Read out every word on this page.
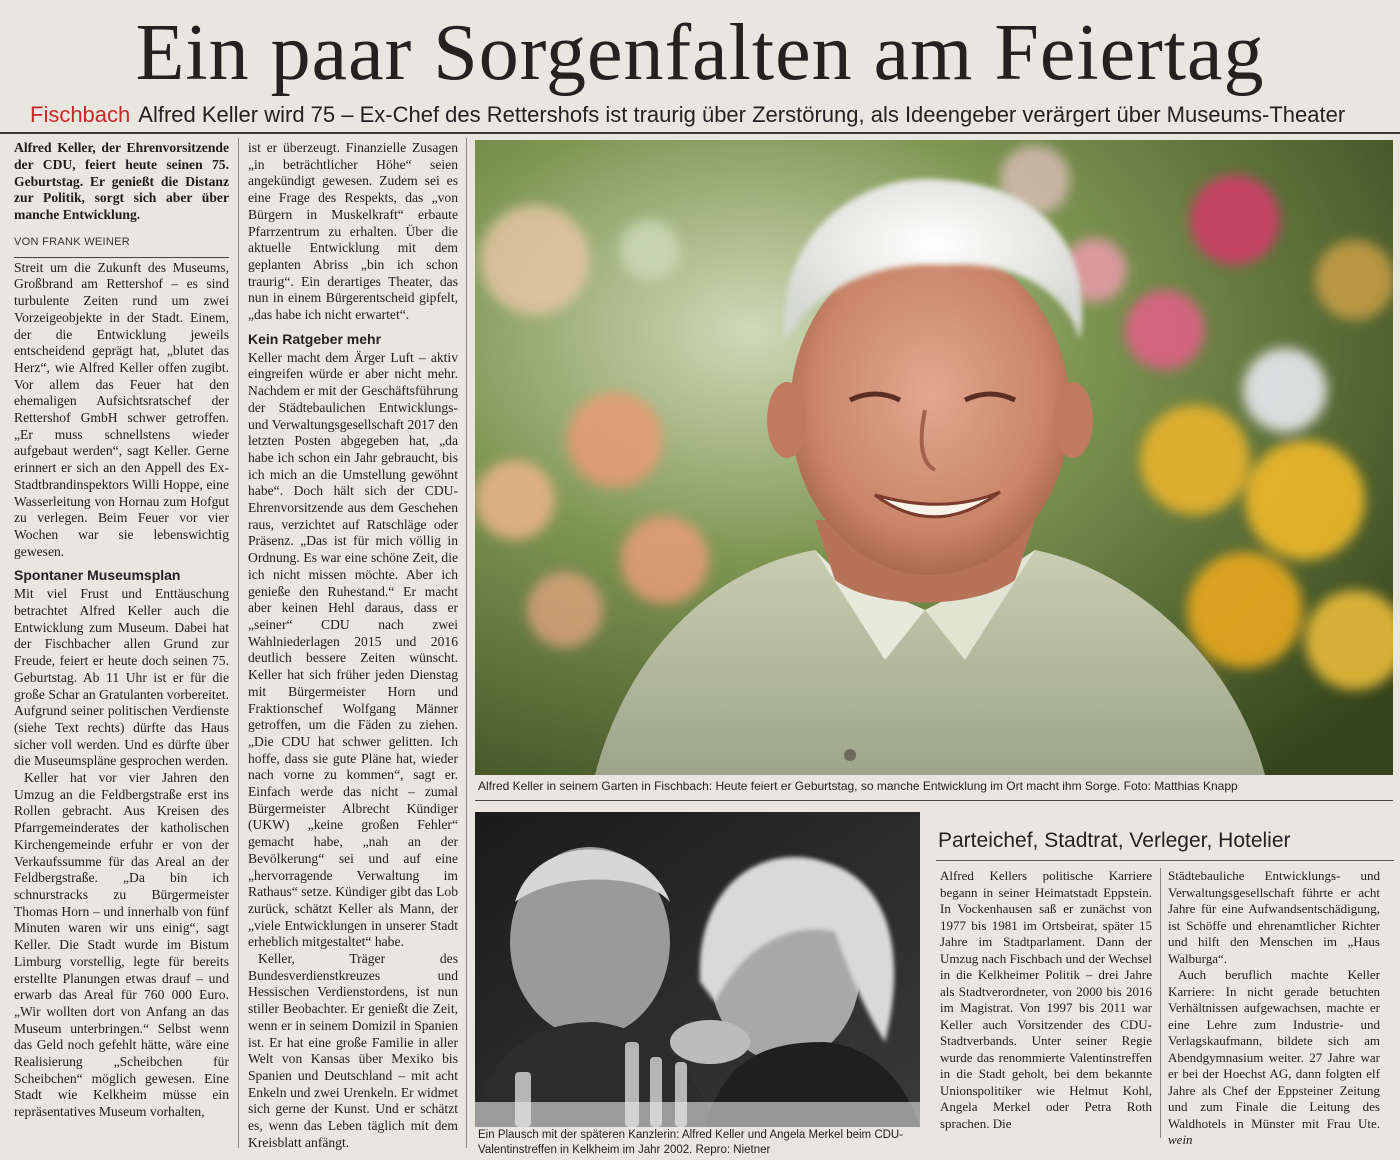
Ein paar Sorgenfalten am Feiertag
Fischbach Alfred Keller wird 75 – Ex-Chef des Rettershofs ist traurig über Zerstörung, als Ideengeber verärgert über Museums-Theater

Alfred Keller, der Ehrenvorsitzende der CDU, feiert heute seinen 75. Geburtstag. Er genießt die Distanz zur Politik, sorgt sich aber über manche Entwicklung.

VON FRANK WEINER

Streit um die Zukunft des Museums, Großbrand am Rettershof – es sind turbulente Zeiten rund um zwei Vorzeigeobjekte in der Stadt. Einem, der die Entwicklung jeweils entscheidend geprägt hat, „blutet das Herz“, wie Alfred Keller offen zugibt. Vor allem das Feuer hat den ehemaligen Aufsichtsratschef der Rettershof GmbH schwer getroffen. „Er muss schnellstens wieder aufgebaut werden“, sagt Keller. Gerne erinnert er sich an den Appell des Ex-Stadtbrandinspektors Willi Hoppe, eine Wasserleitung von Hornau zum Hofgut zu verlegen. Beim Feuer vor vier Wochen war sie lebenswichtig gewesen.

Spontaner Museumsplan

Mit viel Frust und Enttäuschung betrachtet Alfred Keller auch die Entwicklung zum Museum. Dabei hat der Fischbacher allen Grund zur Freude, feiert er heute doch seinen 75. Geburtstag. Ab 11 Uhr ist er für die große Schar an Gratulanten vorbereitet. Aufgrund seiner politischen Verdienste (siehe Text rechts) dürfte das Haus sicher voll werden. Und es dürfte über die Museumspläne gesprochen werden.

Keller hat vor vier Jahren den Umzug an die Feldbergstraße erst ins Rollen gebracht. Aus Kreisen des Pfarrgemeinderates der katholischen Kirchengemeinde erfuhr er von der Verkaufssumme für das Areal an der Feldbergstraße. „Da bin ich schnurstracks zu Bürgermeister Thomas Horn – und innerhalb von fünf Minuten waren wir uns einig“, sagt Keller. Die Stadt wurde im Bistum Limburg vorstellig, legte für bereits erstellte Planungen etwas drauf – und erwarb das Areal für 760 000 Euro. „Wir wollten dort von Anfang an das Museum unterbringen.“ Selbst wenn das Geld noch gefehlt hätte, wäre eine Realisierung „Scheibchen für Scheibchen“ möglich gewesen. Eine Stadt wie Kelkheim müsse ein repräsentatives Museum vorhalten,

ist er überzeugt. Finanzielle Zusagen „in beträchtlicher Höhe“ seien angekündigt gewesen. Zudem sei es eine Frage des Respekts, das „von Bürgern in Muskelkraft“ erbaute Pfarrzentrum zu erhalten. Über die aktuelle Entwicklung mit dem geplanten Abriss „bin ich schon traurig“. Ein derartiges Theater, das nun in einem Bürgerentscheid gipfelt, „das habe ich nicht erwartet“.

Kein Ratgeber mehr

Keller macht dem Ärger Luft – aktiv eingreifen würde er aber nicht mehr. Nachdem er mit der Geschäftsführung der Städtebaulichen Entwicklungs- und Verwaltungsgesellschaft 2017 den letzten Posten abgegeben hat, „da habe ich schon ein Jahr gebraucht, bis ich mich an die Umstellung gewöhnt habe“. Doch hält sich der CDU-Ehrenvorsitzende aus dem Geschehen raus, verzichtet auf Ratschläge oder Präsenz. „Das ist für mich völlig in Ordnung. Es war eine schöne Zeit, die ich nicht missen möchte. Aber ich genieße den Ruhestand.“ Er macht aber keinen Hehl daraus, dass er „seiner“ CDU nach zwei Wahlniederlagen 2015 und 2016 deutlich bessere Zeiten wünscht. Keller hat sich früher jeden Dienstag mit Bürgermeister Horn und Fraktionschef Wolfgang Männer getroffen, um die Fäden zu ziehen. „Die CDU hat schwer gelitten. Ich hoffe, dass sie gute Pläne hat, wieder nach vorne zu kommen“, sagt er. Einfach werde das nicht – zumal Bürgermeister Albrecht Kündiger (UKW) „keine großen Fehler“ gemacht habe, „nah an der Bevölkerung“ sei und auf eine „hervorragende Verwaltung im Rathaus“ setze. Kündiger gibt das Lob zurück, schätzt Keller als Mann, der „viele Entwicklungen in unserer Stadt erheblich mitgestaltet“ habe.

Keller, Träger des Bundesverdienstkreuzes und Hessischen Verdienstordens, ist nun stiller Beobachter. Er genießt die Zeit, wenn er in seinem Domizil in Spanien ist. Er hat eine große Familie in aller Welt von Kansas über Mexiko bis Spanien und Deutschland – mit acht Enkeln und zwei Urenkeln. Er widmet sich gerne der Kunst. Und er schätzt es, wenn das Leben täglich mit dem Kreisblatt anfängt.

Alfred Keller in seinem Garten in Fischbach: Heute feiert er Geburtstag, so manche Entwicklung im Ort macht ihm Sorge. Foto: Matthias Knapp
Ein Plausch mit der späteren Kanzlerin: Alfred Keller und Angela Merkel beim CDU-Valentinstreffen in Kelkheim im Jahr 2002. Repro: Nietner
Parteichef, Stadtrat, Verleger, Hotelier

Alfred Kellers politische Karriere begann in seiner Heimatstadt Eppstein. In Vockenhausen saß er zunächst von 1977 bis 1981 im Ortsbeirat, später 15 Jahre im Stadtparlament. Dann der Umzug nach Fischbach und der Wechsel in die Kelkheimer Politik – drei Jahre als Stadtverordneter, von 2000 bis 2016 im Magistrat. Von 1997 bis 2011 war Keller auch Vorsitzender des CDU-Stadtverbands. Unter seiner Regie wurde das renommierte Valentinstreffen in die Stadt geholt, bei dem bekannte Unionspolitiker wie Helmut Kohl, Angela Merkel oder Petra Roth sprachen. Die

Städtebauliche Entwicklungs- und Verwaltungsgesellschaft führte er acht Jahre für eine Aufwandsentschädigung, ist Schöffe und ehrenamtlicher Richter und hilft den Menschen im „Haus Walburga“.

Auch beruflich machte Keller Karriere: In nicht gerade betuchten Verhältnissen aufgewachsen, machte er eine Lehre zum Industrie- und Verlagskaufmann, bildete sich am Abendgymnasium weiter. 27 Jahre war er bei der Hoechst AG, dann folgten elf Jahre als Chef der Eppsteiner Zeitung und zum Finale die Leitung des Waldhotels in Münster mit Frau Ute. wein
